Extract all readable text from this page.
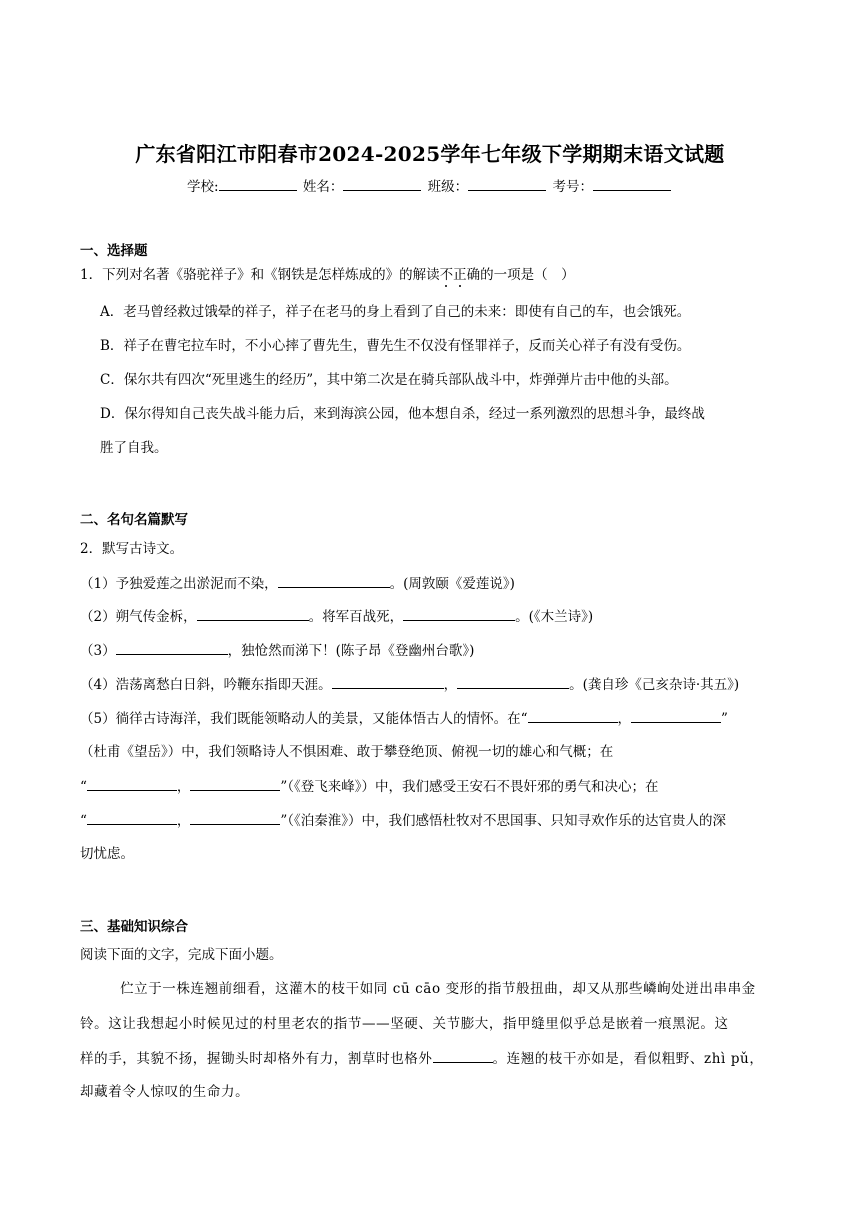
广东省阳江市阳春市2024-2025学年七年级下学期期末语文试题
学校:	姓名：	班级：	考号：
一、选择题
1．下列对名著《骆驼祥子》和《钢铁是怎样炼成的》的解读不正确的一项是（　）
A．老马曾经救过饿晕的祥子，祥子在老马的身上看到了自己的未来：即使有自己的车，也会饿死。
B．祥子在曹宅拉车时，不小心摔了曹先生，曹先生不仅没有怪罪祥子，反而关心祥子有没有受伤。
C．保尔共有四次“死里逃生的经历”，其中第二次是在骑兵部队战斗中，炸弹弹片击中他的头部。
D．保尔得知自己丧失战斗能力后，来到海滨公园，他本想自杀，经过一系列激烈的思想斗争，最终战
胜了自我。
二、名句名篇默写
2．默写古诗文。
（1）予独爱莲之出淤泥而不染，	。(周敦颐《爱莲说》)
（2）朔气传金柝，	。将军百战死，	。(《木兰诗》)
（3）	，独怆然而涕下！(陈子昂《登幽州台歌》)
（4）浩荡离愁白日斜，吟鞭东指即天涯。	，	。(龚自珍《己亥杂诗·其五》)
（5）徜徉古诗海洋，我们既能领略动人的美景，又能体悟古人的情怀。在“	，	”
（杜甫《望岳》）中，我们领略诗人不惧困难、敢于攀登绝顶、俯视一切的雄心和气概；在
“	，	”（《登飞来峰》）中，我们感受王安石不畏奸邪的勇气和决心；在
“	，	”（《泊秦淮》）中，我们感悟杜牧对不思国事、只知寻欢作乐的达官贵人的深
切忧虑。
三、基础知识综合
阅读下面的文字，完成下面小题。
伫立于一株连翘前细看，这灌木的枝干如同 cū cāo 变形的指节般扭曲，却又从那些嶙峋处迸出串串金
铃。这让我想起小时候见过的村里老农的指节——坚硬、关节膨大，指甲缝里似乎总是嵌着一痕黑泥。这
样的手，其貌不扬，握锄头时却格外有力，割草时也格外	。连翘的枝干亦如是，看似粗野、zhì pǔ，
却藏着令人惊叹的生命力。
